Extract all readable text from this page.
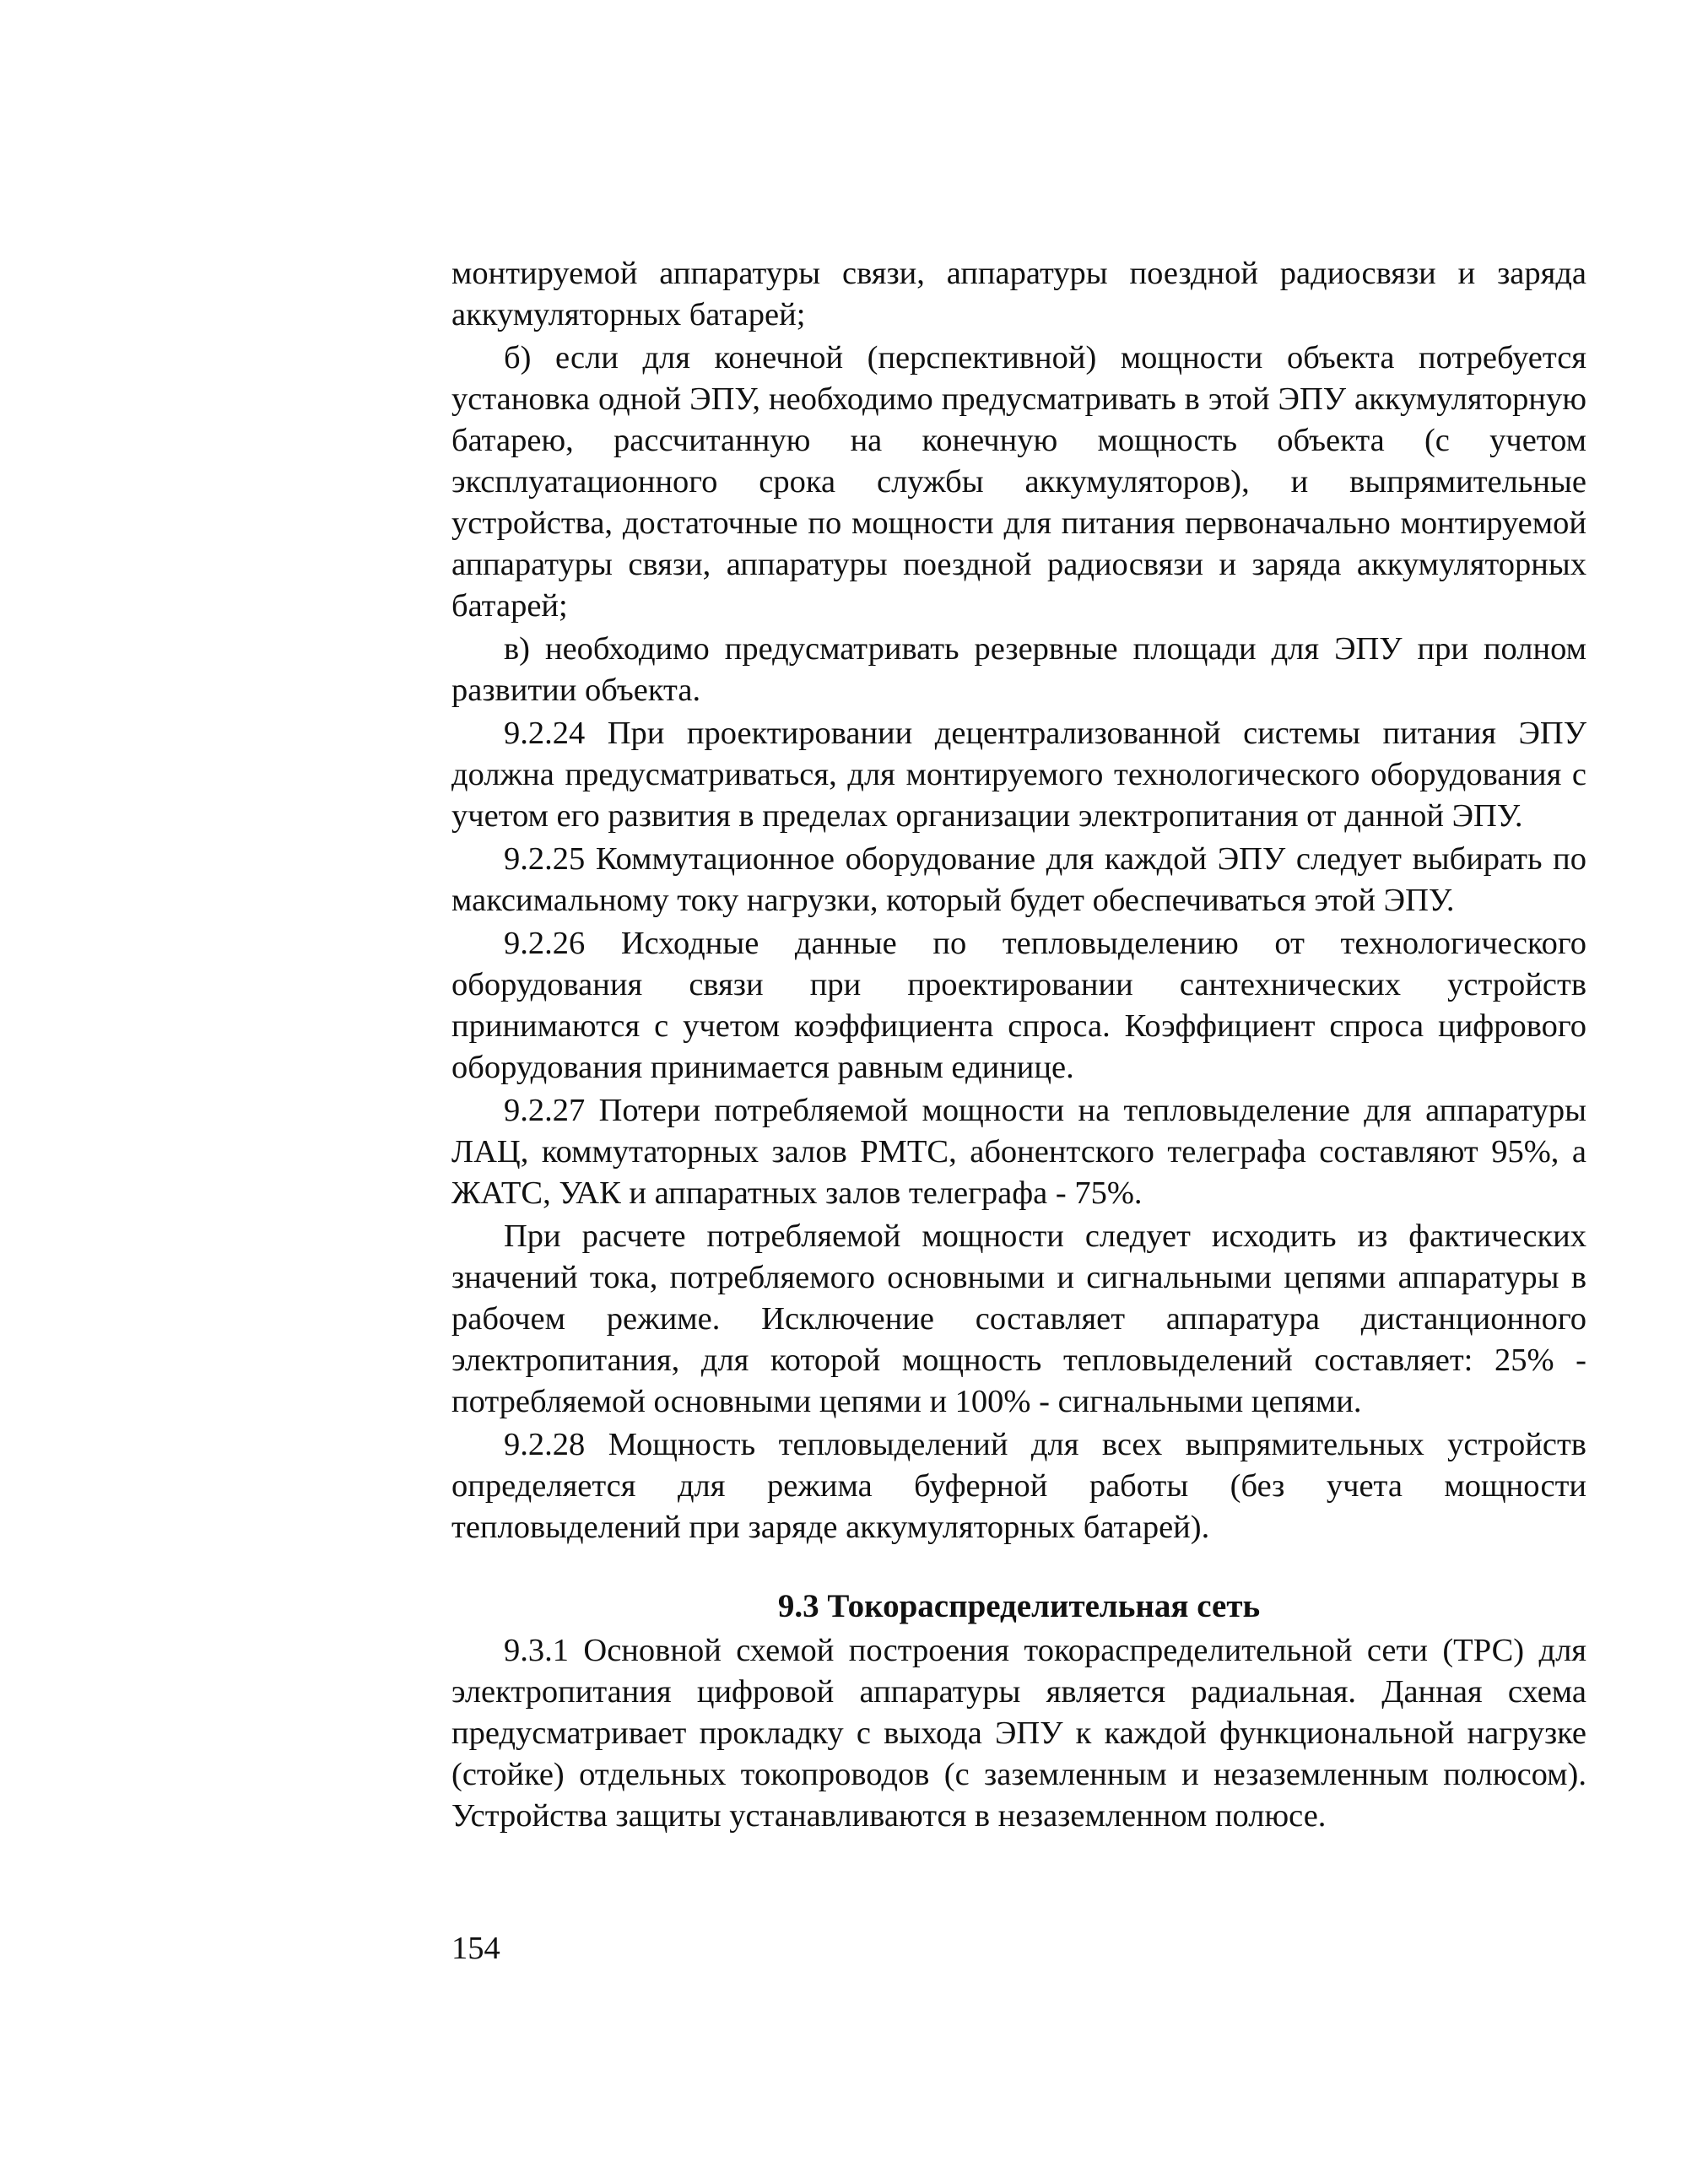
монтируемой аппаратуры связи, аппаратуры поездной радиосвязи и заряда аккумуляторных батарей;

б) если для конечной (перспективной) мощности объекта потребуется установка одной ЭПУ, необходимо предусматривать в этой ЭПУ аккумуляторную батарею, рассчитанную на конечную мощность объекта (с учетом эксплуатационного срока службы аккумуляторов), и выпрямительные устройства, достаточные по мощности для питания первоначально монтируемой аппаратуры связи, аппаратуры поездной радиосвязи и заряда аккумуляторных батарей;

в) необходимо предусматривать резервные площади для ЭПУ при полном развитии объекта.

9.2.24 При проектировании децентрализованной системы питания ЭПУ должна предусматриваться, для монтируемого технологического оборудования с учетом его развития в пределах организации электропитания от данной ЭПУ.

9.2.25 Коммутационное оборудование для каждой ЭПУ следует выбирать по максимальному току нагрузки, который будет обеспечиваться этой ЭПУ.

9.2.26 Исходные данные по тепловыделению от технологического оборудования связи при проектировании сантехнических устройств принимаются с учетом коэффициента спроса. Коэффициент спроса цифрового оборудования принимается равным единице.

9.2.27 Потери потребляемой мощности на тепловыделение для аппаратуры ЛАЦ, коммутаторных залов РМТС, абонентского телеграфа составляют 95%, а ЖАТС, УАК и аппаратных залов телеграфа - 75%.

При расчете потребляемой мощности следует исходить из фактических значений тока, потребляемого основными и сигнальными цепями аппаратуры в рабочем режиме. Исключение составляет аппаратура дистанционного электропитания, для которой мощность тепловыделений составляет: 25% - потребляемой основными цепями и 100% - сигнальными цепями.

9.2.28 Мощность тепловыделений для всех выпрямительных устройств определяется для режима буферной работы (без учета мощности тепловыделений при заряде аккумуляторных батарей).

9.3 Токораспределительная сеть

9.3.1 Основной схемой построения токораспределительной сети (ТРС) для электропитания цифровой аппаратуры является радиальная. Данная схема предусматривает прокладку с выхода ЭПУ к каждой функциональной нагрузке (стойке) отдельных токопроводов (с заземленным и незаземленным полюсом). Устройства защиты устанавливаются в незаземленном полюсе.

154
